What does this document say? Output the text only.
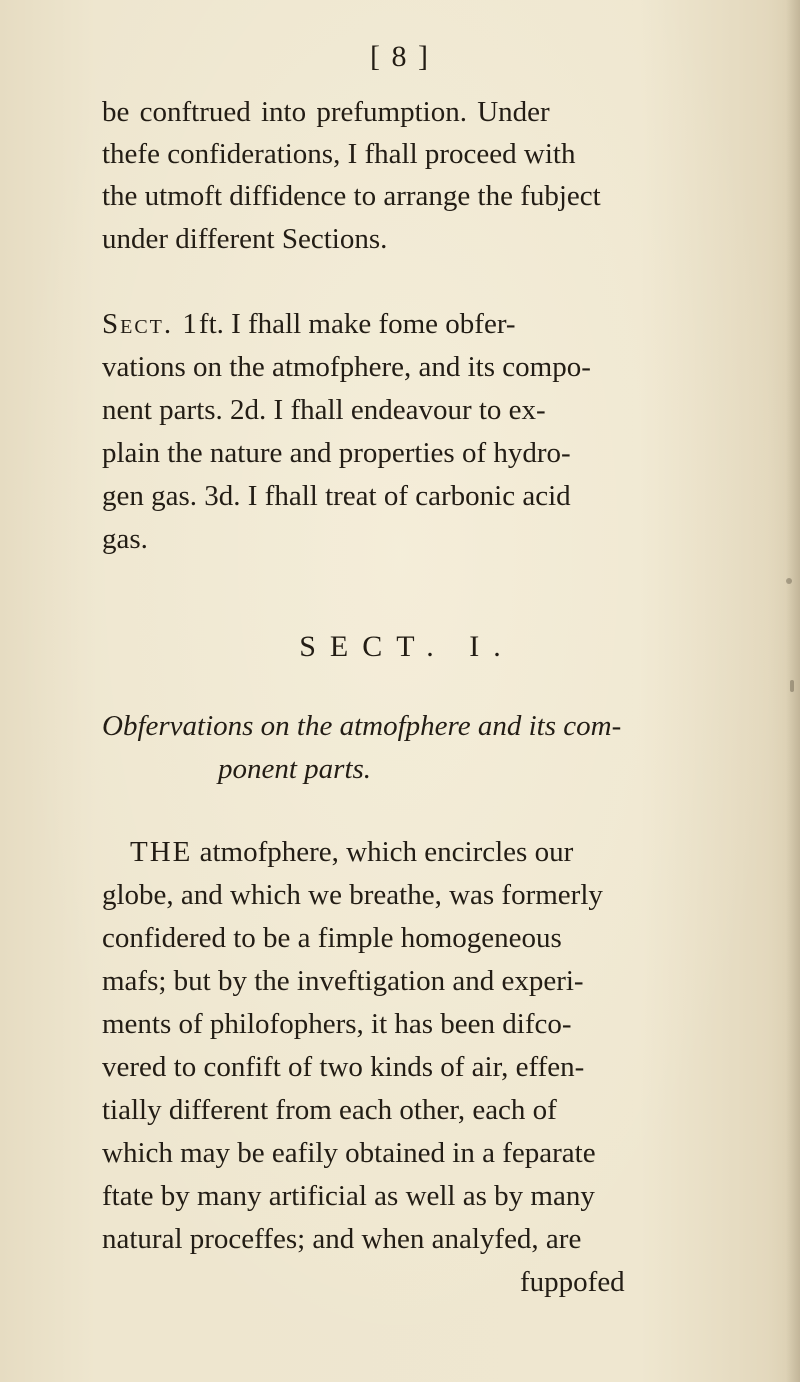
[ 8 ]
be conftrued into prefumption. Under
thefe confiderations, I fhall proceed with
the utmoft diffidence to arrange the fubject
under different Sections.
Sect. 1ft. I fhall make fome obfer-
vations on the atmofphere, and its compo-
nent parts. 2d. I fhall endeavour to ex-
plain the nature and properties of hydro-
gen gas. 3d. I fhall treat of carbonic acid
gas.
SECT. I.
Obfervations on the atmofphere and its com-
ponent parts.
THE atmofphere, which encircles our
globe, and which we breathe, was formerly
confidered to be a fimple homogeneous
mafs; but by the inveftigation and experi-
ments of philofophers, it has been difco-
vered to confift of two kinds of air, effen-
tially different from each other, each of
which may be eafily obtained in a feparate
ftate by many artificial as well as by many
natural proceffes; and when analyfed, are
fuppofed
